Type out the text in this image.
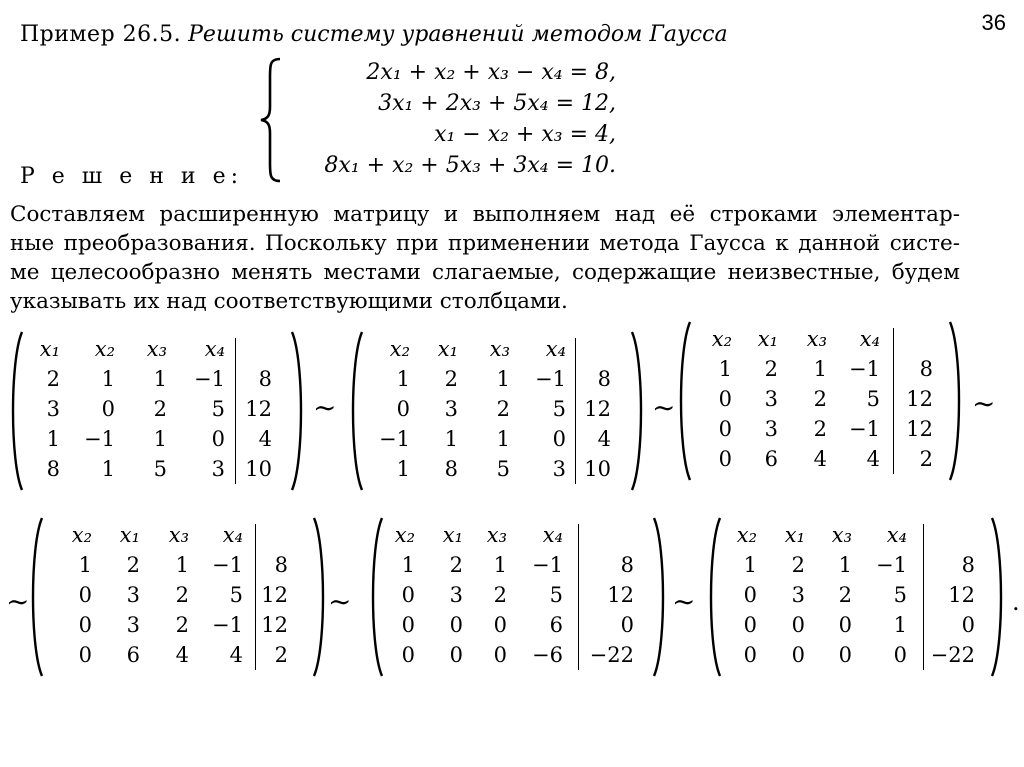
36
Пример 26.5. Решить систему уравнений методом Гаусса
2x₁ + x₂ + x₃ − x₄ = 8,
3x₁ + 2x₃ + 5x₄ = 12,
x₁ − x₂ + x₃ = 4,
8x₁ + x₂ + 5x₃ + 3x₄ = 10.
Р е ш е н и е:
Составляем расширенную матрицу и выполняем над её строками элементар-
ные преобразования. Поскольку при применении метода Гаусса к данной систе-
ме целесообразно менять местами слагаемые, содержащие неизвестные, будем
указывать их над соответствующими столбцами.
x₁	x₂	x₃	x₄
2	1	1	−1	8
3	0	2	5 12
1	−1	1	0	4
8	1	5	3 10
x₂	x₁	x₃	x₄
1	2	1	−1	8
0	3	2	5 12
−1	1	1	0	4
1	8	5	3 10
x₂	x₁	x₃	x₄
1	2	1	−1	8
0	3	2	5	12
0	3	2	−1	12
0	6	4	4	2
x₂	x₁	x₃	x₄
1	2	1	−1	8
0	3	2	5 12
0	3	2	−1 12
0	6	4	4	2
x₂	x₁	x₃	x₄
1	2	1	−1	8
0	3	2	5	12
0	0	0	6	0
0	0	0	−6	−22
x₂	x₁	x₃	x₄
1	2	1	−1	8
0	3	2	5	12
0	0	0	1	0
0	0	0	0	−22
∼	∼	∼
∼	∼	∼	.
